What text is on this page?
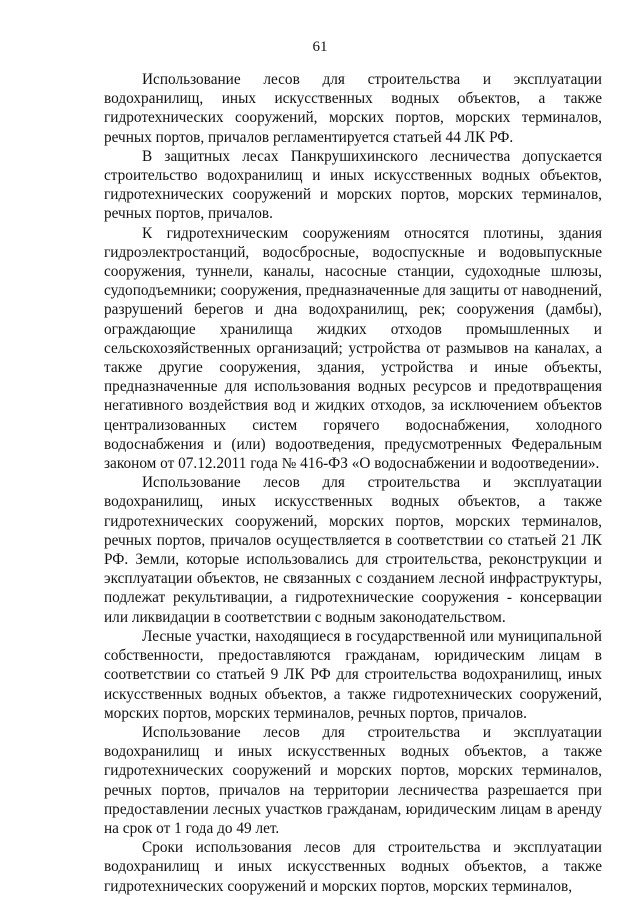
61

Использование лесов для строительства и эксплуатации водохранилищ, иных искусственных водных объектов, а также гидротехнических сооружений, морских портов, морских терминалов, речных портов, причалов регламентируется статьей 44 ЛК РФ.

В защитных лесах Панкрушихинского лесничества допускается строительство водохранилищ и иных искусственных водных объектов, гидротехнических сооружений и морских портов, морских терминалов, речных портов, причалов.

К гидротехническим сооружениям относятся плотины, здания гидроэлектростанций, водосбросные, водоспускные и водовыпускные сооружения, туннели, каналы, насосные станции, судоходные шлюзы, судоподъемники; сооружения, предназначенные для защиты от наводнений, разрушений берегов и дна водохранилищ, рек; сооружения (дамбы), ограждающие хранилища жидких отходов промышленных и сельскохозяйственных организаций; устройства от размывов на каналах, а также другие сооружения, здания, устройства и иные объекты, предназначенные для использования водных ресурсов и предотвращения негативного воздействия вод и жидких отходов, за исключением объектов централизованных систем горячего водоснабжения, холодного водоснабжения и (или) водоотведения, предусмотренных Федеральным законом от 07.12.2011 года № 416-ФЗ «О водоснабжении и водоотведении».

Использование лесов для строительства и эксплуатации водохранилищ, иных искусственных водных объектов, а также гидротехнических сооружений, морских портов, морских терминалов, речных портов, причалов осуществляется в соответствии со статьей 21 ЛК РФ. Земли, которые использовались для строительства, реконструкции и эксплуатации объектов, не связанных с созданием лесной инфраструктуры, подлежат рекультивации, а гидротехнические сооружения - консервации или ликвидации в соответствии с водным законодательством.

Лесные участки, находящиеся в государственной или муниципальной собственности, предоставляются гражданам, юридическим лицам в соответствии со статьей 9 ЛК РФ для строительства водохранилищ, иных искусственных водных объектов, а также гидротехнических сооружений, морских портов, морских терминалов, речных портов, причалов.

Использование лесов для строительства и эксплуатации водохранилищ и иных искусственных водных объектов, а также гидротехнических сооружений и морских портов, морских терминалов, речных портов, причалов на территории лесничества разрешается при предоставлении лесных участков гражданам, юридическим лицам в аренду на срок от 1 года до 49 лет.

Сроки использования лесов для строительства и эксплуатации водохранилищ и иных искусственных водных объектов, а также гидротехнических сооружений и морских портов, морских терминалов,
